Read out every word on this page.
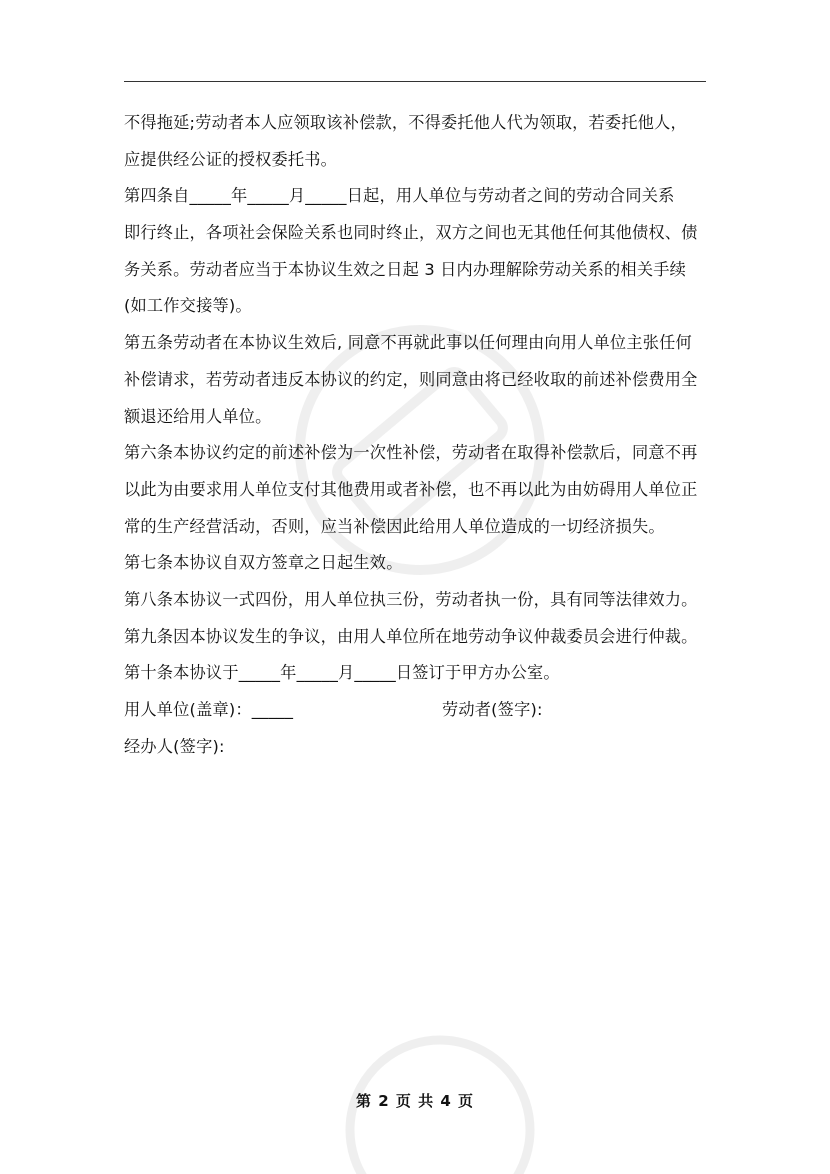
不得拖延;劳动者本人应领取该补偿款，不得委托他人代为领取，若委托他人，
应提供经公证的授权委托书。
第四条自_____年_____月_____日起，用人单位与劳动者之间的劳动合同关系
即行终止，各项社会保险关系也同时终止，双方之间也无其他任何其他债权、债
务关系。劳动者应当于本协议生效之日起 3 日内办理解除劳动关系的相关手续
(如工作交接等)。
第五条劳动者在本协议生效后, 同意不再就此事以任何理由向用人单位主张任何
补偿请求，若劳动者违反本协议的约定，则同意由将已经收取的前述补偿费用全
额退还给用人单位。
第六条本协议约定的前述补偿为一次性补偿，劳动者在取得补偿款后，同意不再
以此为由要求用人单位支付其他费用或者补偿，也不再以此为由妨碍用人单位正
常的生产经营活动，否则，应当补偿因此给用人单位造成的一切经济损失。
第七条本协议自双方签章之日起生效。
第八条本协议一式四份，用人单位执三份，劳动者执一份，具有同等法律效力。
第九条因本协议发生的争议，由用人单位所在地劳动争议仲裁委员会进行仲裁。
第十条本协议于_____年_____月_____日签订于甲方办公室。
用人单位(盖章)：_____	劳动者(签字):
经办人(签字):
第 2 页 共 4 页
